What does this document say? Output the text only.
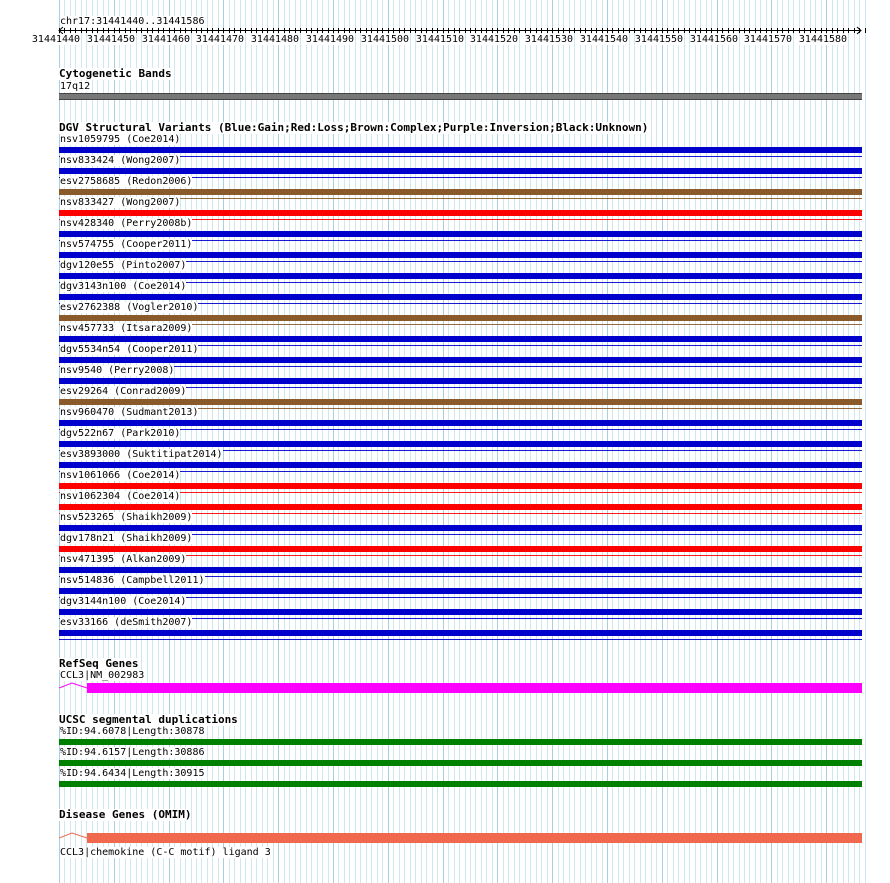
chr17:31441440..31441586
31441440 31441450 31441460 31441470 31441480 31441490 31441500 31441510 31441520 31441530 31441540 31441550 31441560 31441570 31441580
Cytogenetic Bands
17q12
DGV Structural Variants (Blue:Gain;Red:Loss;Brown:Complex;Purple:Inversion;Black:Unknown)
nsv1059795 (Coe2014)
nsv833424 (Wong2007)
esv2758685 (Redon2006)
nsv833427 (Wong2007)
nsv428340 (Perry2008b)
nsv574755 (Cooper2011)
dgv120e55 (Pinto2007)
dgv3143n100 (Coe2014)
esv2762388 (Vogler2010)
nsv457733 (Itsara2009)
dgv5534n54 (Cooper2011)
nsv9540 (Perry2008)
esv29264 (Conrad2009)
nsv960470 (Sudmant2013)
dgv522n67 (Park2010)
esv3893000 (Suktitipat2014)
nsv1061066 (Coe2014)
nsv1062304 (Coe2014)
nsv523265 (Shaikh2009)
dgv178n21 (Shaikh2009)
nsv471395 (Alkan2009)
nsv514836 (Campbell2011)
dgv3144n100 (Coe2014)
esv33166 (deSmith2007)
RefSeq Genes
CCL3|NM_002983
UCSC segmental duplications
%ID:94.6078|Length:30878
%ID:94.6157|Length:30886
%ID:94.6434|Length:30915
Disease Genes (OMIM)
CCL3|chemokine (C-C motif) ligand 3
